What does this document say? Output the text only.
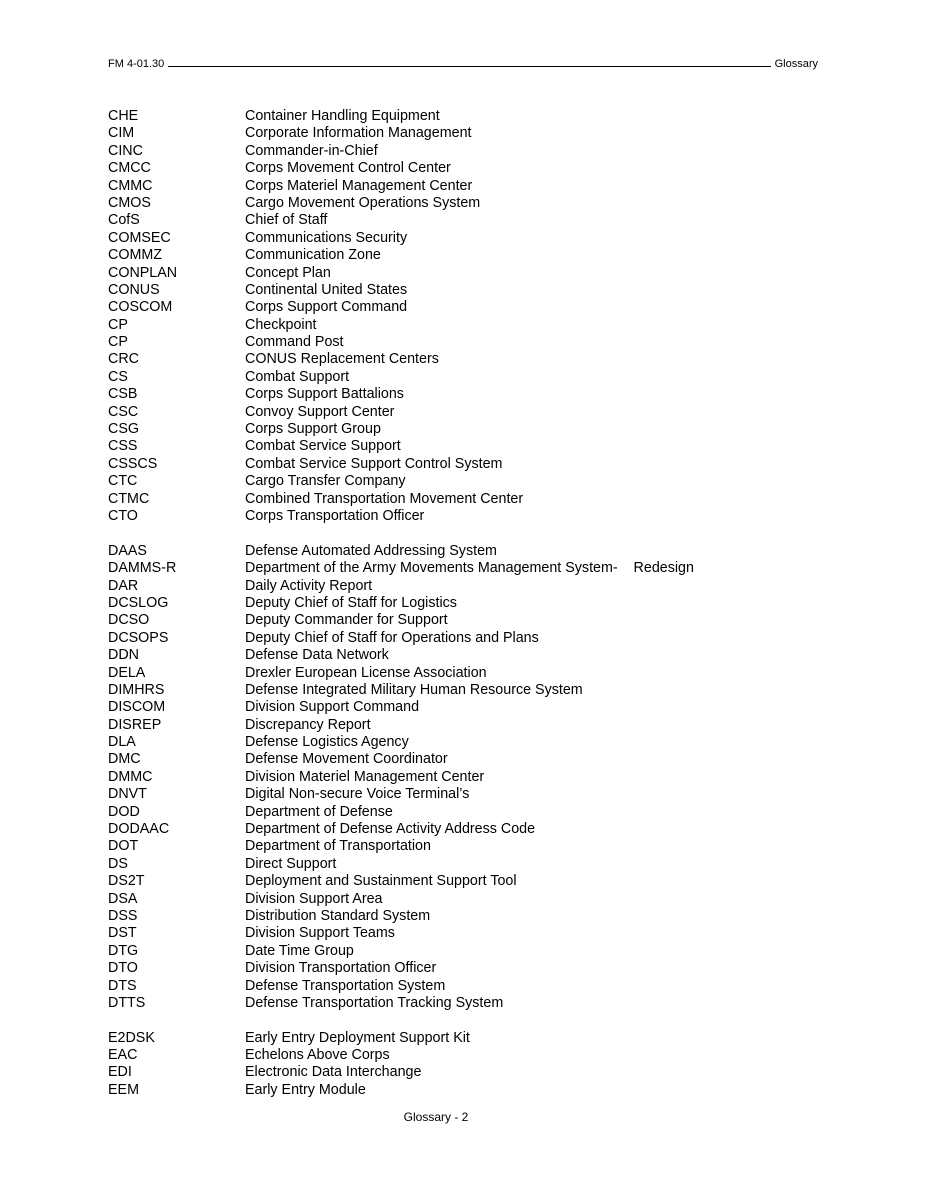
FM 4-01.30	Glossary
CHE	Container Handling Equipment
CIM	Corporate Information Management
CINC	Commander-in-Chief
CMCC	Corps Movement Control Center
CMMC	Corps Materiel Management Center
CMOS	Cargo Movement Operations System
CofS	Chief of Staff
COMSEC	Communications Security
COMMZ	Communication Zone
CONPLAN	Concept Plan
CONUS	Continental United States
COSCOM	Corps Support Command
CP	Checkpoint
CP	Command Post
CRC	CONUS Replacement Centers
CS	Combat Support
CSB	Corps Support Battalions
CSC	Convoy Support Center
CSG	Corps Support Group
CSS	Combat Service Support
CSSCS	Combat Service Support Control System
CTC	Cargo Transfer Company
CTMC	Combined Transportation Movement Center
CTO	Corps Transportation Officer
DAAS	Defense Automated Addressing System
DAMMS-R	Department of the Army Movements Management System-    Redesign
DAR	Daily Activity Report
DCSLOG	Deputy Chief of Staff for Logistics
DCSO	Deputy Commander for Support
DCSOPS	Deputy Chief of Staff for Operations and Plans
DDN	Defense Data Network
DELA	Drexler European License Association
DIMHRS	Defense Integrated Military Human Resource System
DISCOM	Division Support Command
DISREP	Discrepancy Report
DLA	Defense Logistics Agency
DMC	Defense Movement Coordinator
DMMC	Division Materiel Management Center
DNVT	Digital Non-secure Voice Terminal’s
DOD	Department of Defense
DODAAC	Department of Defense Activity Address Code
DOT	Department of Transportation
DS	Direct Support
DS2T	Deployment and Sustainment Support Tool
DSA	Division Support Area
DSS	Distribution Standard System
DST	Division Support Teams
DTG	Date Time Group
DTO	Division Transportation Officer
DTS	Defense Transportation System
DTTS	Defense Transportation Tracking System
E2DSK	Early Entry Deployment Support Kit
EAC	Echelons Above Corps
EDI	Electronic Data Interchange
EEM	Early Entry Module
Glossary - 2
